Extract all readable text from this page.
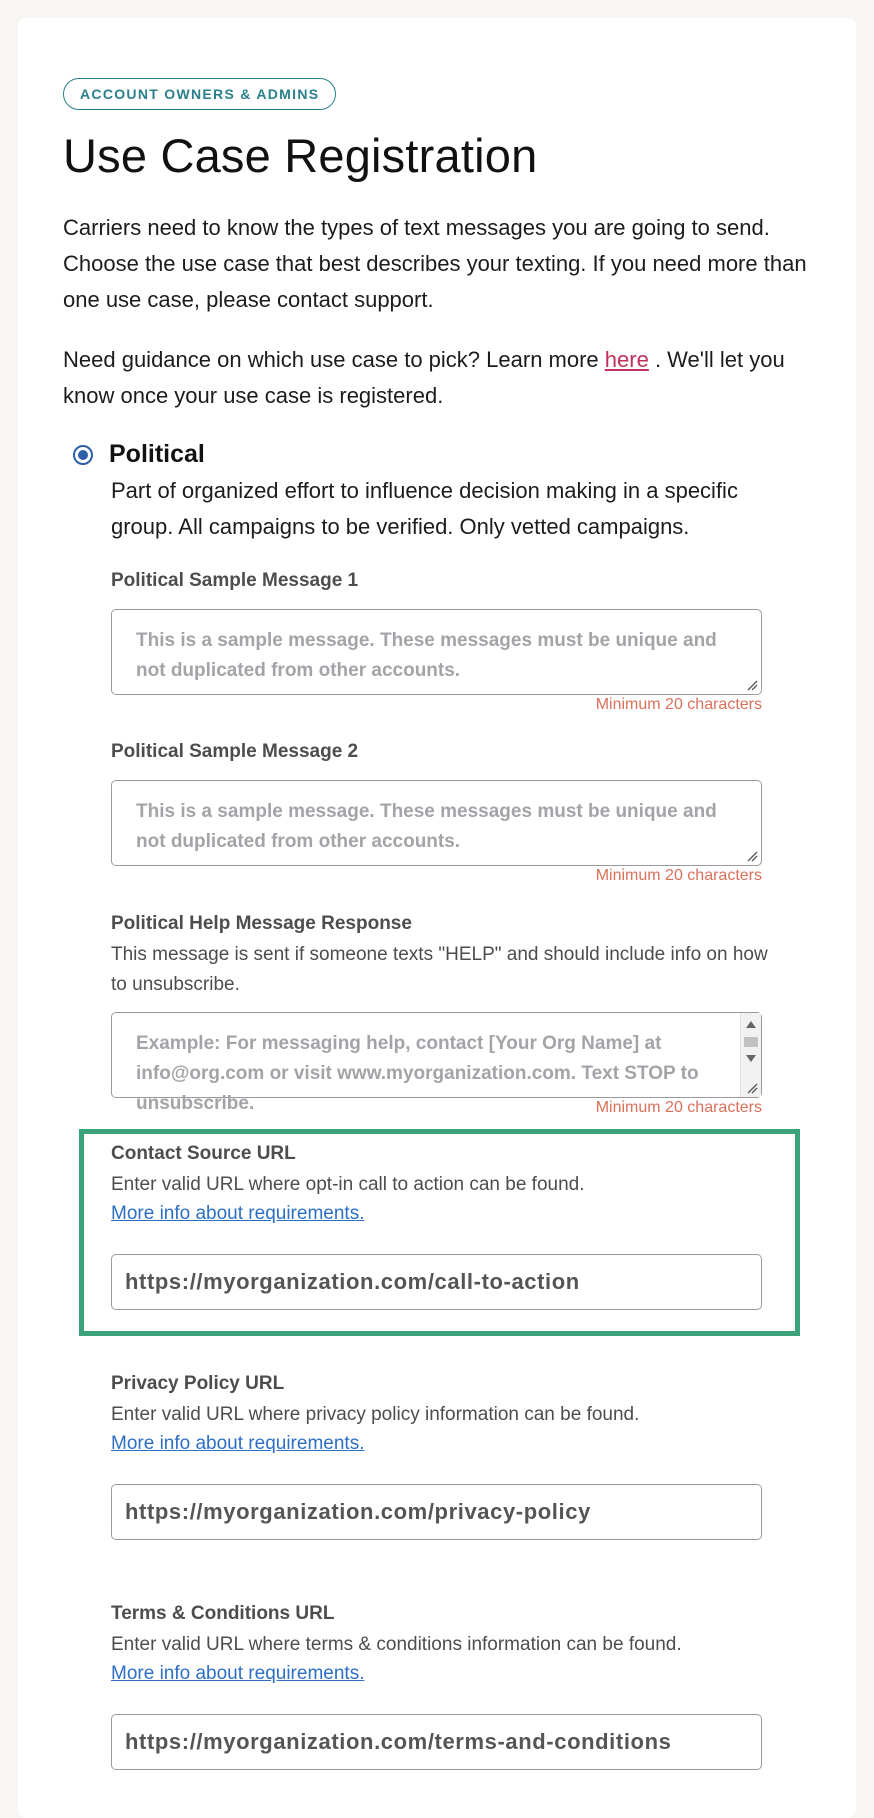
ACCOUNT OWNERS & ADMINS
Use Case Registration

Carriers need to know the types of text messages you are going to send. Choose the use case that best describes your texting. If you need more than one use case, please contact support.

Need guidance on which use case to pick? Learn more here . We'll let you know once your use case is registered.

Political

Part of organized effort to influence decision making in a specific group. All campaigns to be verified. Only vetted campaigns.

Political Sample Message 1
This is a sample message. These messages must be unique and not duplicated from other accounts.
Minimum 20 characters
Political Sample Message 2
This is a sample message. These messages must be unique and not duplicated from other accounts.
Minimum 20 characters
Political Help Message Response

This message is sent if someone texts "HELP" and should include info on how to unsubscribe.

Example: For messaging help, contact [Your Org Name] at info@org.com or visit www.myorganization.com. Text STOP to unsubscribe.	Minimum 20 characters
Contact Source URL

Enter valid URL where opt-in call to action can be found.

More info about requirements.
https://myorganization.com/call-to-action
Privacy Policy URL

Enter valid URL where privacy policy information can be found.

More info about requirements.
https://myorganization.com/privacy-policy
Terms & Conditions URL

Enter valid URL where terms & conditions information can be found.

More info about requirements.
https://myorganization.com/terms-and-conditions
